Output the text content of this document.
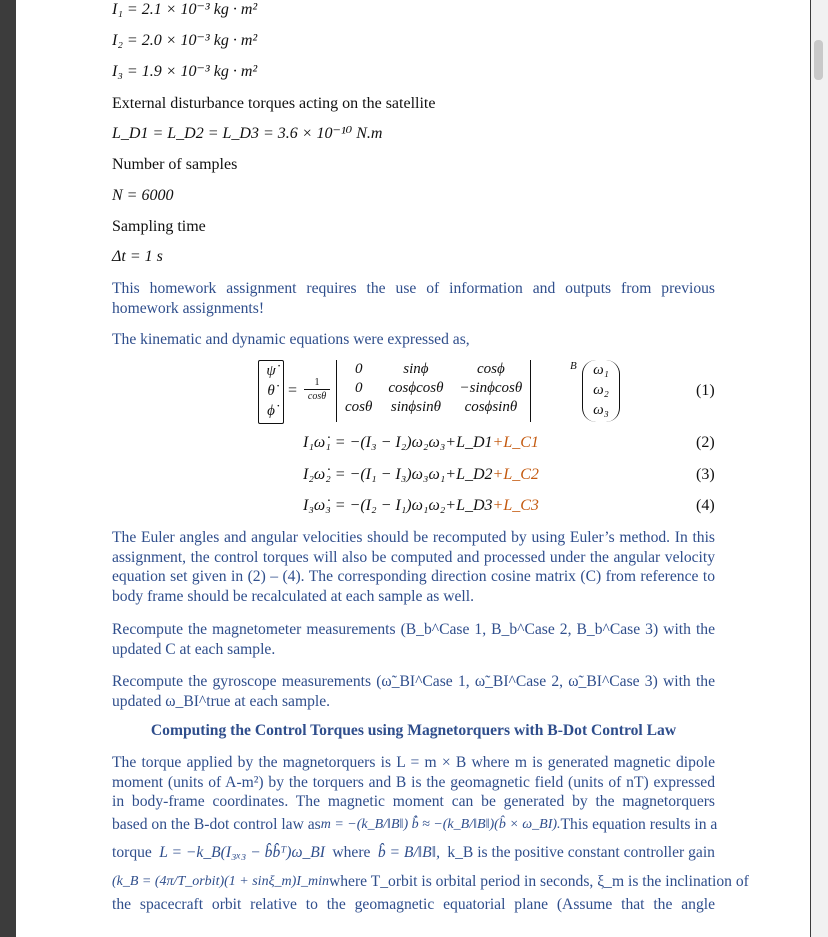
I₁ = 2.1 × 10⁻³ kg · m²
I₂ = 2.0 × 10⁻³ kg · m²
I₃ = 1.9 × 10⁻³ kg · m²
External disturbance torques acting on the satellite
L_D1 = L_D2 = L_D3 = 3.6 × 10⁻¹⁰ N.m
Number of samples
N = 6000
Sampling time
Δt = 1 s
This homework assignment requires the use of information and outputs from previous homework assignments!
The kinematic and dynamic equations were expressed as,
ψ̇
θ̇
ϕ̇
= $\frac{1}{\cos\theta}$
0	sinϕ	cosϕ
0	cosϕcosθ	−sinϕcosθ
cosθ	sinϕsinθ	cosϕsinθ
B	ω₁
ω₂
ω₃
(1)
I₁ω̇₁ = −(I₃ − I₂)ω₂ω₃+L_D1+L_C1	(2)
I₂ω̇₂ = −(I₁ − I₃)ω₃ω₁+L_D2+L_C2	(3)
I₃ω̇₃ = −(I₂ − I₁)ω₁ω₂+L_D3+L_C3	(4)
The Euler angles and angular velocities should be recomputed by using Euler’s method. In this assignment, the control torques will also be computed and processed under the angular velocity equation set given in (2) – (4). The corresponding direction cosine matrix (C) from reference to body frame should be recalculated at each sample as well.
Recompute the magnetometer measurements (B_b^Case 1, B_b^Case 2, B_b^Case 3) with the updated C at each sample.
Recompute the gyroscope measurements (ω̃_BI^Case 1, ω̃_BI^Case 2, ω̃_BI^Case 3) with the updated ω_BI^true at each sample.
Computing the Control Torques using Magnetorquers with B-Dot Control Law
The torque applied by the magnetorquers is L = m × B where m is generated magnetic dipole
moment (units of A-m²) by the torquers and B is the geomagnetic field (units of nT) expressed
in body-frame coordinates. The magnetic moment can be generated by the magnetorquers
based on the B-dot control law as m = −(k_B/‖B‖) b̂̇ ≈ −(k_B/‖B‖)(b̂ × ω_BI). This equation results in a
torque L = −k_B(I₃ₓ₃ − b̂b̂ᵀ)ω_BI where b̂ = B/‖B‖, k_B is the positive constant controller gain
(k_B = (4π/T_orbit)(1 + sinξ_m)I_min where T_orbit is orbital period in seconds, ξ_m is the inclination of
the spacecraft orbit relative to the geomagnetic equatorial plane (Assume that the angle
